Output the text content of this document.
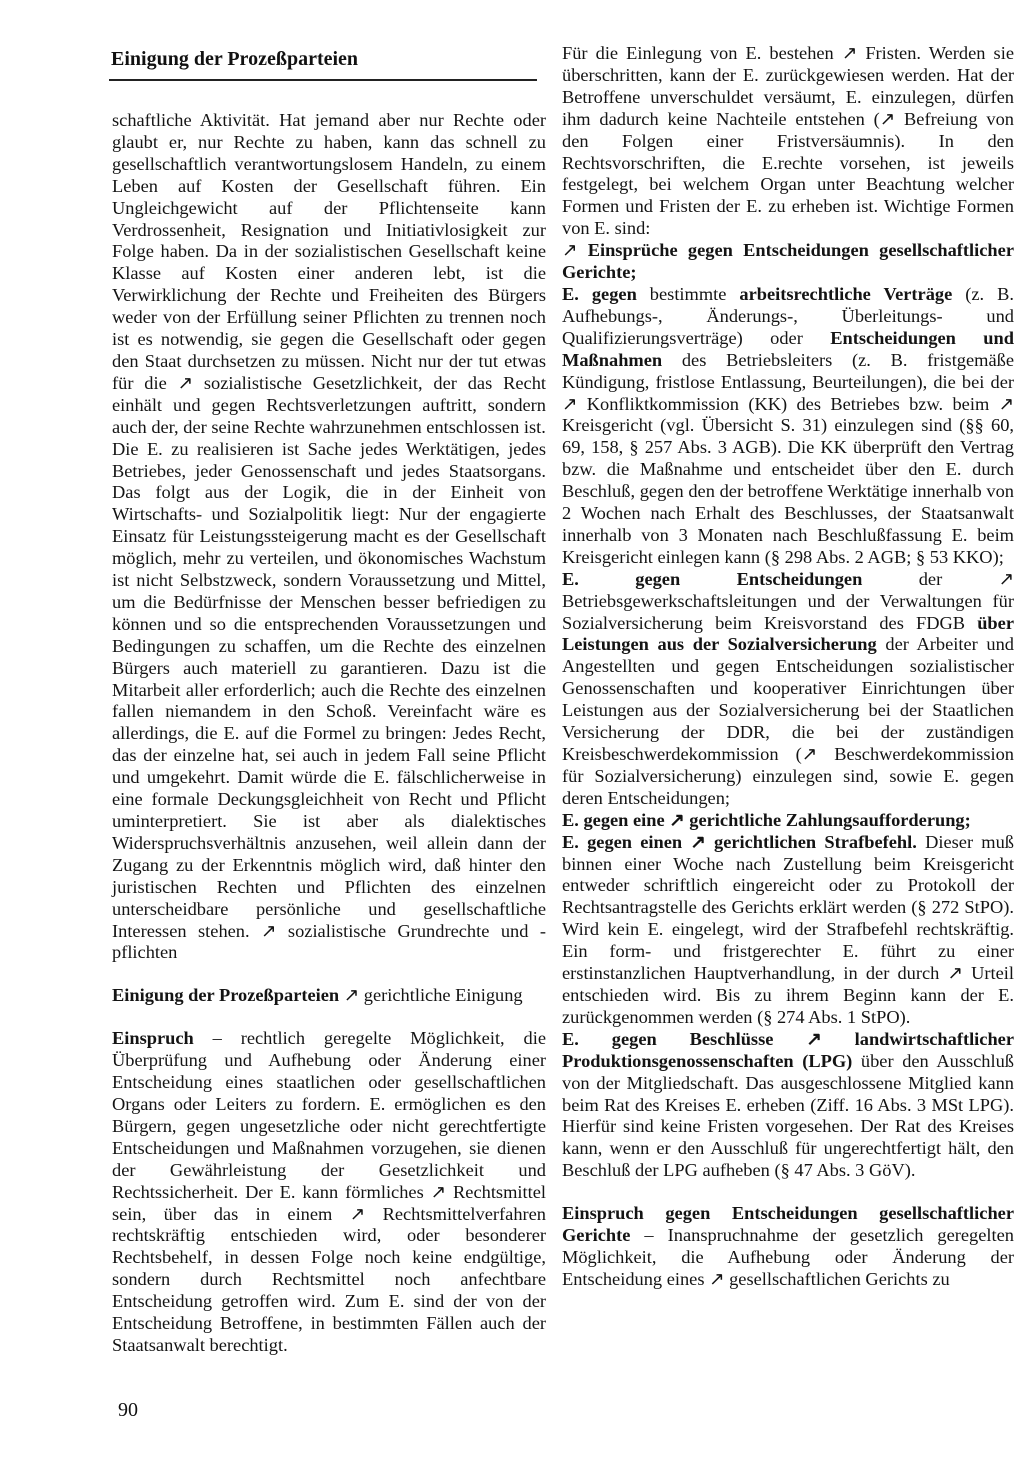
Einigung der Prozeßparteien

schaftliche Aktivität. Hat jemand aber nur Rechte oder glaubt er, nur Rechte zu haben, kann das schnell zu gesellschaftlich verantwortungslosem Handeln, zu einem Leben auf Kosten der Gesellschaft führen. Ein Ungleichgewicht auf der Pflichtenseite kann Verdrossenheit, Resignation und Initiativlosigkeit zur Folge haben. Da in der sozialistischen Gesellschaft keine Klasse auf Kosten einer anderen lebt, ist die Verwirklichung der Rechte und Freiheiten des Bürgers weder von der Erfüllung seiner Pflichten zu trennen noch ist es notwendig, sie gegen die Gesellschaft oder gegen den Staat durchsetzen zu müssen. Nicht nur der tut etwas für die ↗ sozialistische Gesetzlichkeit, der das Recht einhält und gegen Rechtsverletzungen auftritt, sondern auch der, der seine Rechte wahrzunehmen entschlossen ist.

Die E. zu realisieren ist Sache jedes Werktätigen, jedes Betriebes, jeder Genossenschaft und jedes Staatsorgans. Das folgt aus der Logik, die in der Einheit von Wirtschafts- und Sozialpolitik liegt: Nur der engagierte Einsatz für Leistungssteigerung macht es der Gesellschaft möglich, mehr zu verteilen, und ökonomisches Wachstum ist nicht Selbstzweck, sondern Voraussetzung und Mittel, um die Bedürfnisse der Menschen besser befriedigen zu können und so die entsprechenden Voraussetzungen und Bedingungen zu schaffen, um die Rechte des einzelnen Bürgers auch materiell zu garantieren. Dazu ist die Mitarbeit aller erforderlich; auch die Rechte des einzelnen fallen niemandem in den Schoß. Vereinfacht wäre es allerdings, die E. auf die Formel zu bringen: Jedes Recht, das der einzelne hat, sei auch in jedem Fall seine Pflicht und umgekehrt. Damit würde die E. fälschlicherweise in eine formale Deckungsgleichheit von Recht und Pflicht uminterpretiert. Sie ist aber als dialektisches Widerspruchsverhältnis anzusehen, weil allein dann der Zugang zu der Erkenntnis möglich wird, daß hinter den juristischen Rechten und Pflichten des einzelnen unterscheidbare persönliche und gesellschaftliche Interessen stehen. ↗ sozialistische Grundrechte und -pflichten

Einigung der Prozeßparteien ↗ gerichtliche Einigung

Einspruch – rechtlich geregelte Möglichkeit, die Überprüfung und Aufhebung oder Änderung einer Entscheidung eines staatlichen oder gesellschaftlichen Organs oder Leiters zu fordern. E. ermöglichen es den Bürgern, gegen ungesetzliche oder nicht gerechtfertigte Entscheidungen und Maßnahmen vorzugehen, sie dienen der Gewährleistung der Gesetzlichkeit und Rechtssicherheit. Der E. kann förmliches ↗ Rechtsmittel sein, über das in einem ↗ Rechtsmittelverfahren rechtskräftig entschieden wird, oder besonderer Rechtsbehelf, in dessen Folge noch keine endgültige, sondern durch Rechtsmittel noch anfechtbare Entscheidung getroffen wird. Zum E. sind der von der Entscheidung Betroffene, in bestimmten Fällen auch der Staatsanwalt berechtigt.

Für die Einlegung von E. bestehen ↗ Fristen. Werden sie überschritten, kann der E. zurückgewiesen werden. Hat der Betroffene unverschuldet versäumt, E. einzulegen, dürfen ihm dadurch keine Nachteile entstehen (↗ Befreiung von den Folgen einer Fristversäumnis). In den Rechtsvorschriften, die E.rechte vorsehen, ist jeweils festgelegt, bei welchem Organ unter Beachtung welcher Formen und Fristen der E. zu erheben ist. Wichtige Formen von E. sind:

↗ Einsprüche gegen Entscheidungen gesellschaftlicher Gerichte;

E. gegen bestimmte arbeitsrechtliche Verträge (z. B. Aufhebungs-, Änderungs-, Überleitungs- und Qualifizierungsverträge) oder Entscheidungen und Maßnahmen des Betriebsleiters (z. B. fristgemäße Kündigung, fristlose Entlassung, Beurteilungen), die bei der ↗ Konfliktkommission (KK) des Betriebes bzw. beim ↗ Kreisgericht (vgl. Übersicht S. 31) einzulegen sind (§§ 60, 69, 158, § 257 Abs. 3 AGB). Die KK überprüft den Vertrag bzw. die Maßnahme und entscheidet über den E. durch Beschluß, gegen den der betroffene Werktätige innerhalb von 2 Wochen nach Erhalt des Beschlusses, der Staatsanwalt innerhalb von 3 Monaten nach Beschlußfassung E. beim Kreisgericht einlegen kann (§ 298 Abs. 2 AGB; § 53 KKO);

E. gegen Entscheidungen der ↗ Betriebsgewerkschaftsleitungen und der Verwaltungen für Sozialversicherung beim Kreisvorstand des FDGB über Leistungen aus der Sozialversicherung der Arbeiter und Angestellten und gegen Entscheidungen sozialistischer Genossenschaften und kooperativer Einrichtungen über Leistungen aus der Sozialversicherung bei der Staatlichen Versicherung der DDR, die bei der zuständigen Kreisbeschwerdekommission (↗ Beschwerdekommission für Sozialversicherung) einzulegen sind, sowie E. gegen deren Entscheidungen;

E. gegen eine ↗ gerichtliche Zahlungsaufforderung;

E. gegen einen ↗ gerichtlichen Strafbefehl. Dieser muß binnen einer Woche nach Zustellung beim Kreisgericht entweder schriftlich eingereicht oder zu Protokoll der Rechtsantragstelle des Gerichts erklärt werden (§ 272 StPO). Wird kein E. eingelegt, wird der Strafbefehl rechtskräftig. Ein form- und fristgerechter E. führt zu einer erstinstanzlichen Hauptverhandlung, in der durch ↗ Urteil entschieden wird. Bis zu ihrem Beginn kann der E. zurückgenommen werden (§ 274 Abs. 1 StPO).

E. gegen Beschlüsse ↗ landwirtschaftlicher Produktionsgenossenschaften (LPG) über den Ausschluß von der Mitgliedschaft. Das ausgeschlossene Mitglied kann beim Rat des Kreises E. erheben (Ziff. 16 Abs. 3 MSt LPG). Hierfür sind keine Fristen vorgesehen. Der Rat des Kreises kann, wenn er den Ausschluß für ungerechtfertigt hält, den Beschluß der LPG aufheben (§ 47 Abs. 3 GöV).

Einspruch gegen Entscheidungen gesellschaftlicher Gerichte – Inanspruchnahme der gesetzlich geregelten Möglichkeit, die Aufhebung oder Änderung der Entscheidung eines ↗ gesellschaftlichen Gerichts zu

90
